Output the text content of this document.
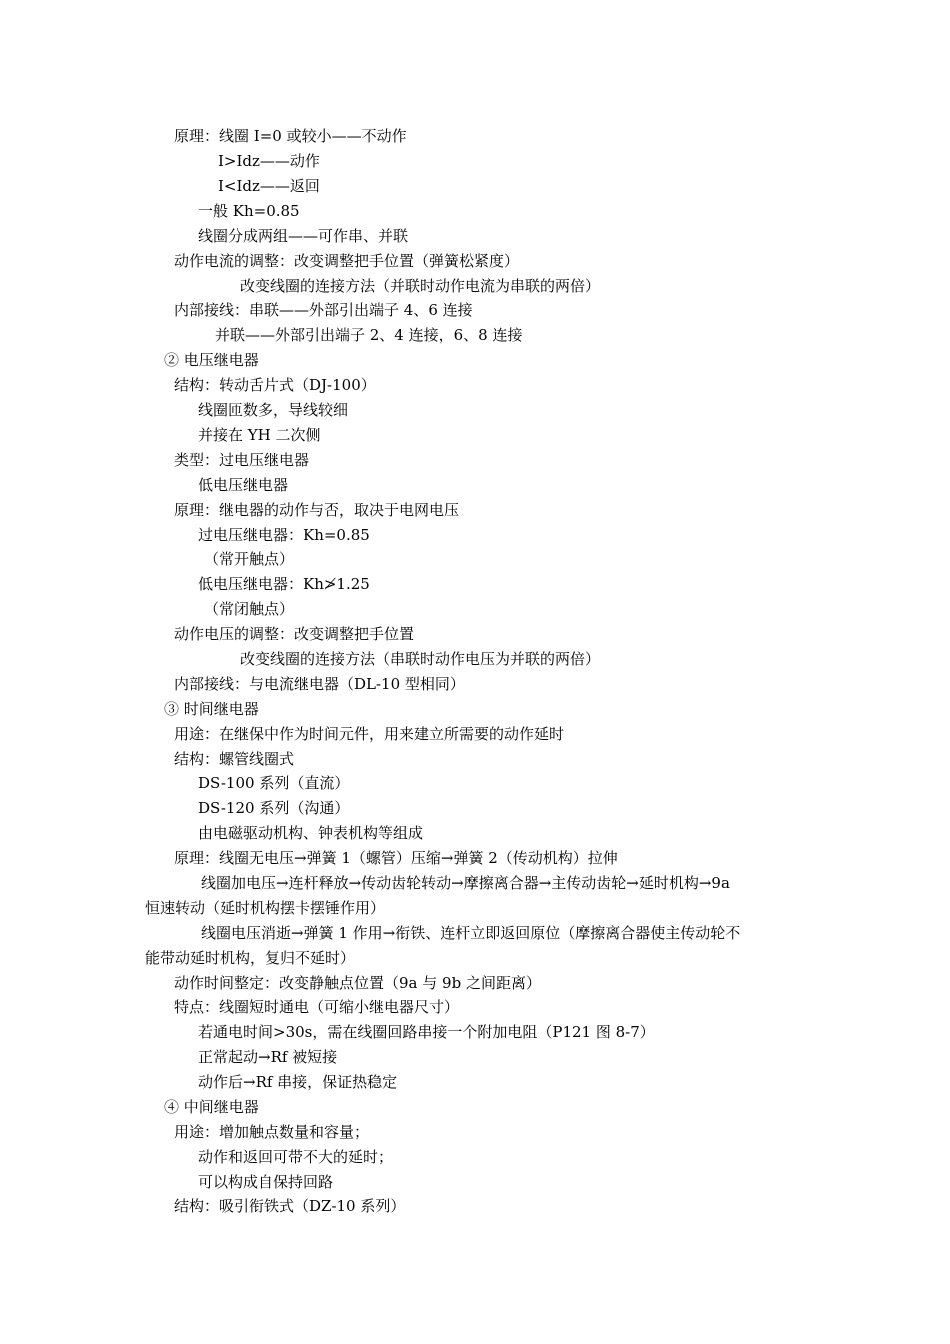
原理：线圈 I=0 或较小——不动作
I>Idz——动作
I<Idz——返回
一般 Kh=0.85
线圈分成两组——可作串、并联
动作电流的调整：改变调整把手位置（弹簧松紧度）
改变线圈的连接方法（并联时动作电流为串联的两倍）
内部接线：串联——外部引出端子 4、6 连接
并联——外部引出端子 2、4 连接，6、8 连接
② 电压继电器
结构：转动舌片式（DJ-100）
线圈匝数多，导线较细
并接在 YH 二次侧
类型：过电压继电器
低电压继电器
原理：继电器的动作与否，取决于电网电压
过电压继电器：Kh=0.85
（常开触点）
低电压继电器：Kh≯1.25
（常闭触点）
动作电压的调整：改变调整把手位置
改变线圈的连接方法（串联时动作电压为并联的两倍）
内部接线：与电流继电器（DL-10 型相同）
③ 时间继电器
用途：在继保中作为时间元件，用来建立所需要的动作延时
结构：螺管线圈式
DS-100 系列（直流）
DS-120 系列（沟通）
由电磁驱动机构、钟表机构等组成
原理：线圈无电压→弹簧 1（螺管）压缩→弹簧 2（传动机构）拉伸
线圈加电压→连杆释放→传动齿轮转动→摩擦离合器→主传动齿轮→延时机构→9a
恒速转动（延时机构摆卡摆锤作用）
线圈电压消逝→弹簧 1 作用→衔铁、连杆立即返回原位（摩擦离合器使主传动轮不
能带动延时机构，复归不延时）
动作时间整定：改变静触点位置（9a 与 9b 之间距离）
特点：线圈短时通电（可缩小继电器尺寸）
若通电时间>30s，需在线圈回路串接一个附加电阻（P121 图 8-7）
正常起动→Rf 被短接
动作后→Rf 串接，保证热稳定
④ 中间继电器
用途：增加触点数量和容量；
动作和返回可带不大的延时；
可以构成自保持回路
结构：吸引衔铁式（DZ-10 系列）
